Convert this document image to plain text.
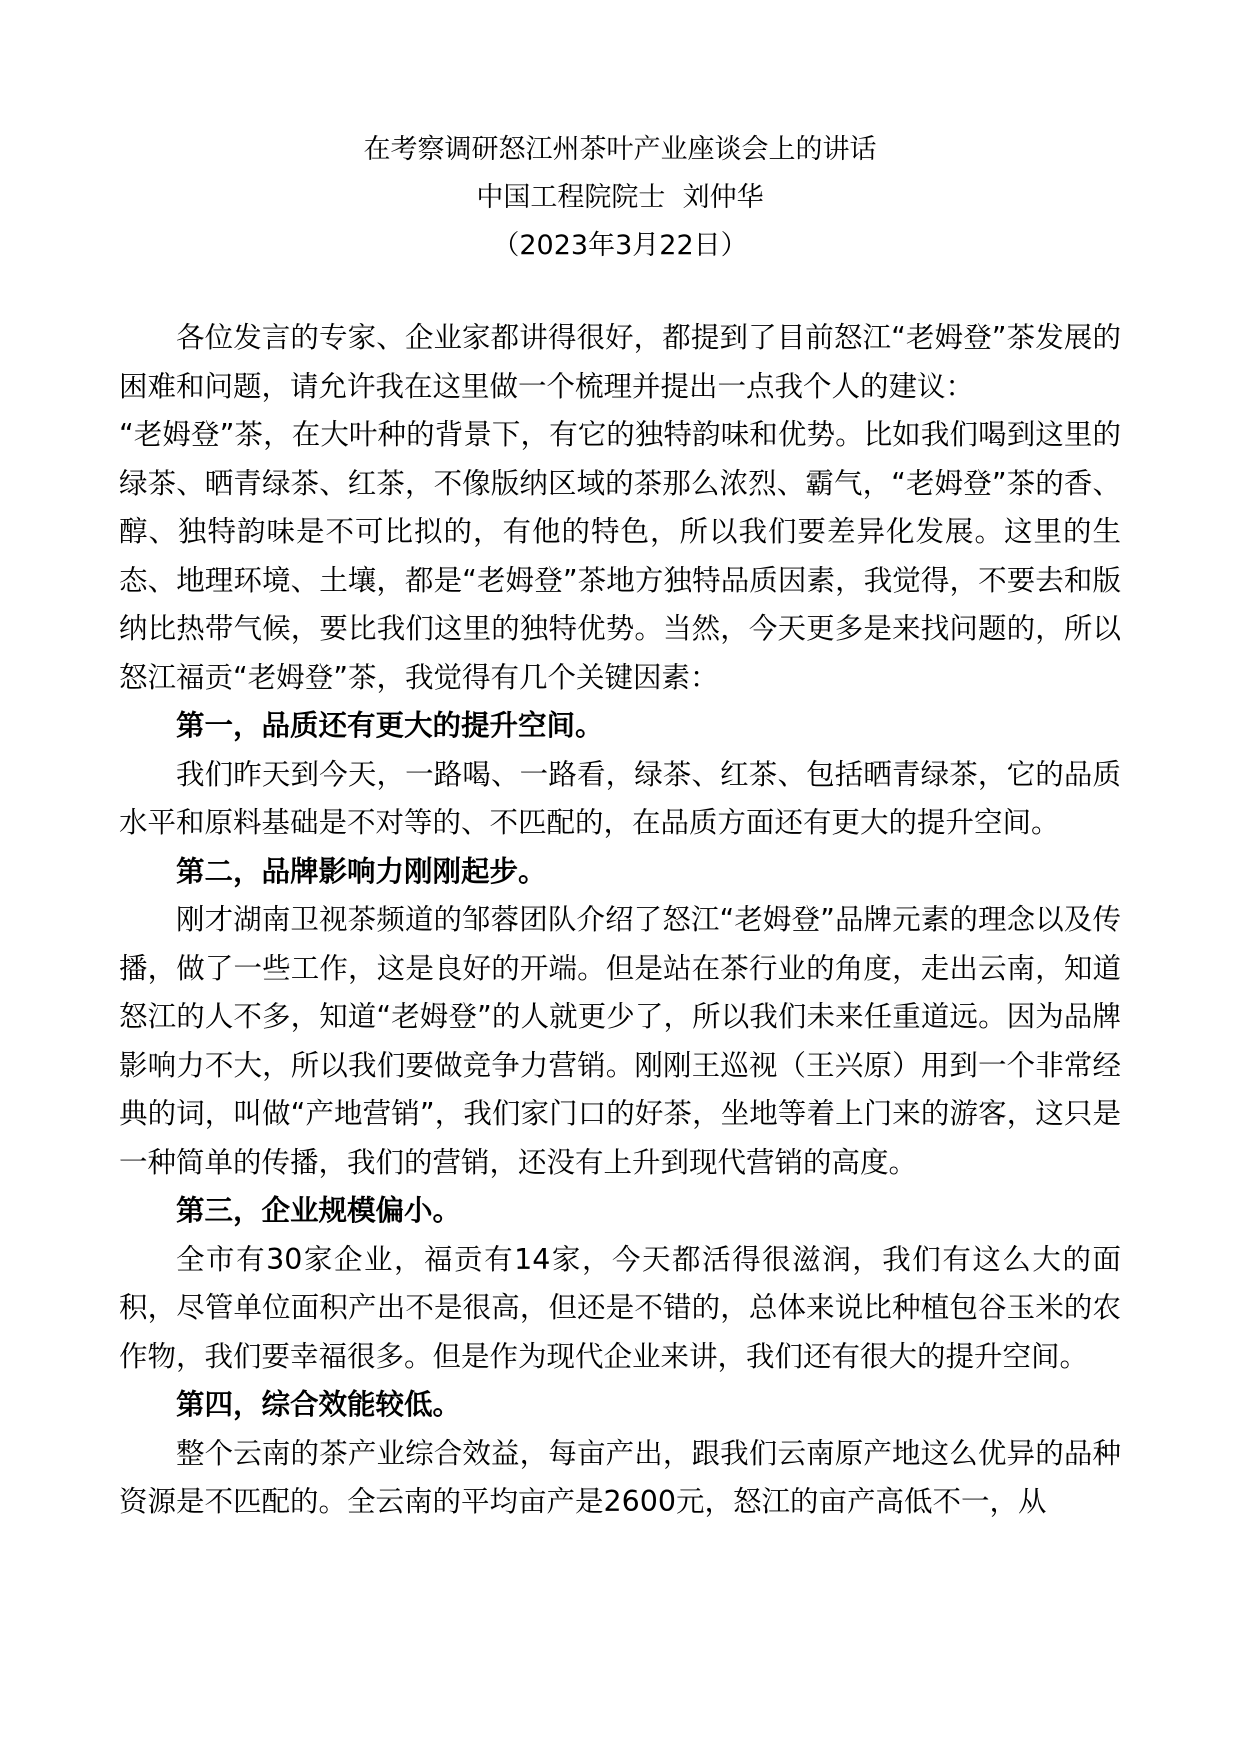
在考察调研怒江州茶叶产业座谈会上的讲话
中国工程院院士  刘仲华
（2023年3月22日）

各位发言的专家、企业家都讲得很好，都提到了目前怒江“老姆登”茶发展的困难和问题，请允许我在这里做一个梳理并提出一点我个人的建议：

“老姆登”茶，在大叶种的背景下，有它的独特韵味和优势。比如我们喝到这里的绿茶、晒青绿茶、红茶，不像版纳区域的茶那么浓烈、霸气，“老姆登”茶的香、醇、独特韵味是不可比拟的，有他的特色，所以我们要差异化发展。这里的生态、地理环境、土壤，都是“老姆登”茶地方独特品质因素，我觉得，不要去和版纳比热带气候，要比我们这里的独特优势。当然，今天更多是来找问题的，所以怒江福贡“老姆登”茶，我觉得有几个关键因素：

第一，品质还有更大的提升空间。

我们昨天到今天，一路喝、一路看，绿茶、红茶、包括晒青绿茶，它的品质水平和原料基础是不对等的、不匹配的，在品质方面还有更大的提升空间。

第二，品牌影响力刚刚起步。

刚才湖南卫视茶频道的邹蓉团队介绍了怒江“老姆登”品牌元素的理念以及传播，做了一些工作，这是良好的开端。但是站在茶行业的角度，走出云南，知道怒江的人不多，知道“老姆登”的人就更少了，所以我们未来任重道远。因为品牌影响力不大，所以我们要做竞争力营销。刚刚王巡视（王兴原）用到一个非常经典的词，叫做“产地营销”，我们家门口的好茶，坐地等着上门来的游客，这只是一种简单的传播，我们的营销，还没有上升到现代营销的高度。

第三，企业规模偏小。

全市有30家企业，福贡有14家，今天都活得很滋润，我们有这么大的面积，尽管单位面积产出不是很高，但还是不错的，总体来说比种植包谷玉米的农作物，我们要幸福很多。但是作为现代企业来讲，我们还有很大的提升空间。

第四，综合效能较低。

整个云南的茶产业综合效益，每亩产出，跟我们云南原产地这么优异的品种资源是不匹配的。全云南的平均亩产是2600元，怒江的亩产高低不一，从
